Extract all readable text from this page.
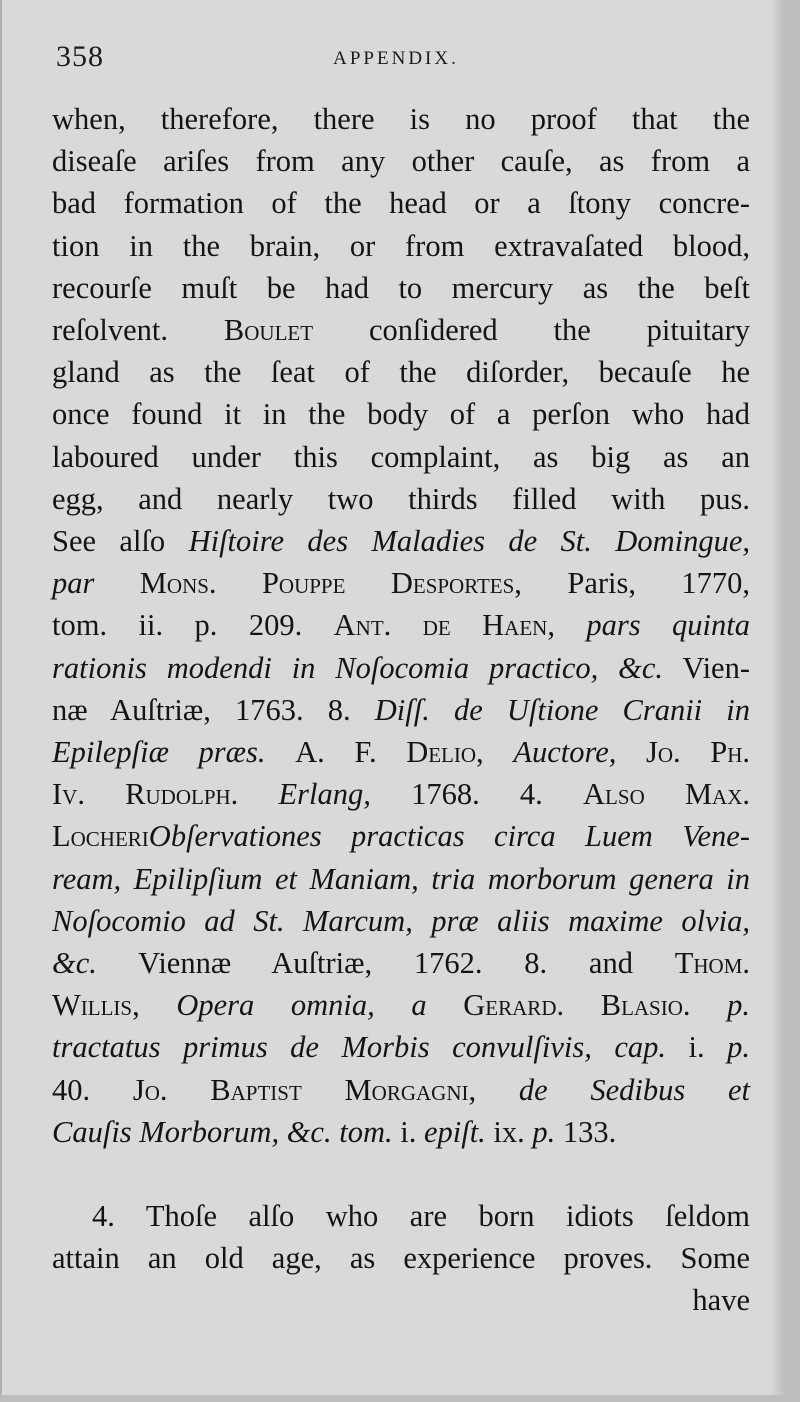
358	APPENDIX.
when, therefore, there is no proof that the
diseaſe ariſes from any other cauſe, as from a
bad formation of the head or a ſtony concre-
tion in the brain, or from extravaſated blood,
recourſe muſt be had to mercury as the beſt
reſolvent. Boulet conſidered the pituitary
gland as the ſeat of the diſorder, becauſe he
once found it in the body of a perſon who had
laboured under this complaint, as big as an
egg, and nearly two thirds filled with pus.
See alſo Hiſtoire des Maladies de St. Domingue,
par Mons. Pouppe Desportes, Paris, 1770,
tom. ii. p. 209. Ant. de Haen, pars quinta
rationis modendi in Noſocomia practico, &c. Vien-
næ Auſtriæ, 1763. 8. Diſſ. de Uſtione Cranii in
Epilepſiæ præs. A. F. Delio, Auctore, Jo. Ph.
Iv. Rudolph. Erlang, 1768. 4. Alſo Max.
LocheriObſervationes practicas circa Luem Vene-
ream, Epilipſium et Maniam, tria morborum genera in
Noſocomio ad St. Marcum, præ aliis maxime olvia,
&c. Viennæ Auſtriæ, 1762. 8. and Thom.
Willis, Opera omnia, a Gerard. Blasio. p.
tractatus primus de Morbis convulſivis, cap. i. p.
40. Jo. Baptist Morgagni, de Sedibus et
Cauſis Morborum, &c. tom. i. epiſt. ix. p. 133.
4. Thoſe alſo who are born idiots ſeldom
attain an old age, as experience proves. Some
have
